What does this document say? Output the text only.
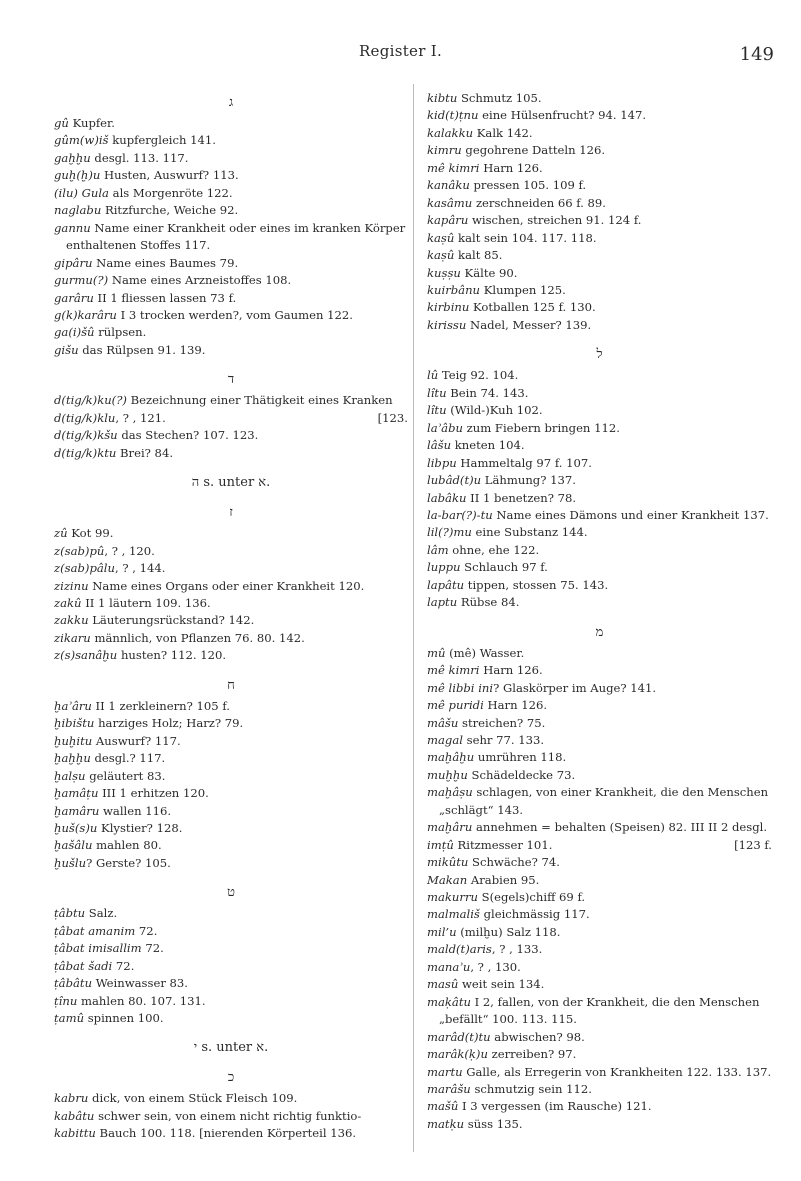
Register I.	149
ג
gû Kupfer.
gûm(w)iš kupfergleich 141.
gaḫḫu desgl. 113. 117.
guḫ(ḫ)u Husten, Auswurf? 113.
(ilu) Gula als Morgenröte 122.
naglabu Ritzfurche, Weiche 92.
gannu Name einer Krankheit oder eines im kranken Körper enthaltenen Stoffes 117.
gipâru Name eines Baumes 79.
gurmu(?) Name eines Arzneistoffes 108.
garâru II 1 fliessen lassen 73 f.
g(k)karâru I 3 trocken werden?, vom Gaumen 122.
ga(i)šû rülpsen.
gišu das Rülpsen 91. 139.
ד
d(tig/k)ku(?) Bezeichnung einer Thätigkeit eines Kranken
[123.
d(tig/k)klu, ? , 121.
d(tig/k)kšu das Stechen? 107. 123.
d(tig/k)ktu Brei? 84.
ה s. unter א.
ז
zû Kot 99.
z(sab)pû, ? , 120.
z(sab)pâlu, ? , 144.
zizinu Name eines Organs oder einer Krankheit 120.
zakû II 1 läutern 109. 136.
zakku Läuterungsrückstand? 142.
zikaru männlich, von Pflanzen 76. 80. 142.
z(s)sanâḫu husten? 112. 120.
ח
ḫaʾâru II 1 zerkleinern? 105 f.
ḫibištu harziges Holz; Harz? 79.
ḫuḫitu Auswurf? 117.
ḫaḫḫu desgl.? 117.
ḫalṣu geläutert 83.
ḫamâṭu III 1 erhitzen 120.
ḫamâru wallen 116.
ḫuš(s)u Klystier? 128.
ḫašâlu mahlen 80.
ḫušlu? Gerste? 105.
ט
ṭâbtu Salz.
ṭâbat amanim 72.
ṭâbat imisallim 72.
ṭâbat šadi 72.
ṭâbâtu Weinwasser 83.
ṭînu mahlen 80. 107. 131.
ṭamû spinnen 100.
י s. unter א.
כ
kabru dick, von einem Stück Fleisch 109.
kabâtu schwer sein, von einem nicht richtig funktio-
kabittu Bauch 100. 118. [nierenden Körperteil 136.
kibtu Schmutz 105.
kid(t)ṭnu eine Hülsenfrucht? 94. 147.
kalakku Kalk 142.
kimru gegohrene Datteln 126.
mê kimri Harn 126.
kanâku pressen 105. 109 f.
kasâmu zerschneiden 66 f. 89.
kapâru wischen, streichen 91. 124 f.
kaṣû kalt sein 104. 117. 118.
kaṣû kalt 85.
kuṣṣu Kälte 90.
kuirbânu Klumpen 125.
kirbinu Kotballen 125 f. 130.
kirissu Nadel, Messer? 139.
ל
lû Teig 92. 104.
lîtu Bein 74. 143.
lîtu (Wild-)Kuh 102.
laʾâbu zum Fiebern bringen 112.
lâšu kneten 104.
libpu Hammeltalg 97 f. 107.
lubâd(t)u Lähmung? 137.
labâku II 1 benetzen? 78.
la-bar(?)-tu Name eines Dämons und einer Krankheit 137.
lil(?)mu eine Substanz 144.
lâm ohne, ehe 122.
luppu Schlauch 97 f.
lapâtu tippen, stossen 75. 143.
laptu Rübse 84.
מ
mû (mê) Wasser.
mê kimri Harn 126.
mê libbi ini? Glaskörper im Auge? 141.
mê puridi Harn 126.
mâšu streichen? 75.
magal sehr 77. 133.
maḫâḫu umrühren 118.
muḫḫu Schädeldecke 73.
maḫâṣu schlagen, von einer Krankheit, die den Menschen „schlägt“ 143.
maḫâru annehmen = behalten (Speisen) 82. III II 2 desgl.
[123 f.
imṭû Ritzmesser 101.
mikûtu Schwäche? 74.
Makan Arabien 95.
makurru S(egels)chiff 69 f.
malmališ gleichmässig 117.
mil’u (milḫu) Salz 118.
mald(t)aris, ? , 133.
manaʾu, ? , 130.
masû weit sein 134.
maḳâtu I 2, fallen, von der Krankheit, die den Menschen „befällt“ 100. 113. 115.
marâd(t)tu abwischen? 98.
marâk(ḳ)u zerreiben? 97.
martu Galle, als Erregerin von Krankheiten 122. 133. 137.
marâšu schmutzig sein 112.
mašû I 3 vergessen (im Rausche) 121.
matḳu süss 135.
